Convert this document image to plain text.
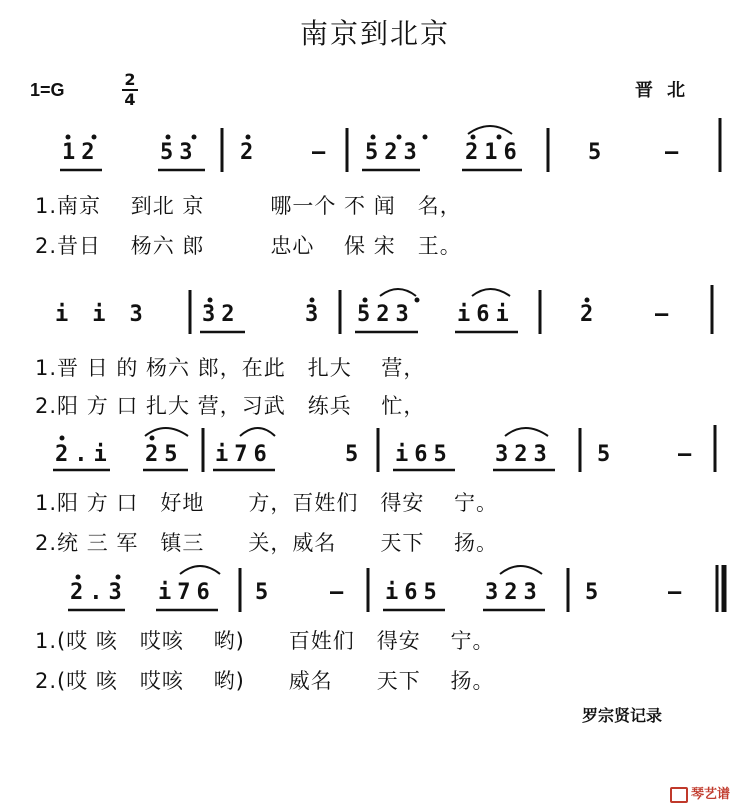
南京到北京
1=G
2
4	晋北
12	53 2 — 523 216	5	—
1.南京　 到北 京　　　哪一个 不 闻　名，
2.昔日　 杨六 郎　　　忠心　 保 宋　王。
ii3 32	3 523 i6i	2	—
1.晋 日 的 杨六 郎，在此　扎大　 营，
2.阳 方 口 扎大 营，习武　练兵　 忙，
2.i 25 i76	5 i65 323 5	—
1.阳 方 口　好地　　方，百姓们　得安　 宁。
2.统 三 军　镇三　　关，威名　　天下　 扬。
2.3 i76 5	— i65 323 5	—
1.(哎 咳　哎咳　 哟)　　百姓们　得安　 宁。
2.(哎 咳　哎咳　 哟)　　威名　　天下　 扬。
罗宗贤记录
琴艺谱
